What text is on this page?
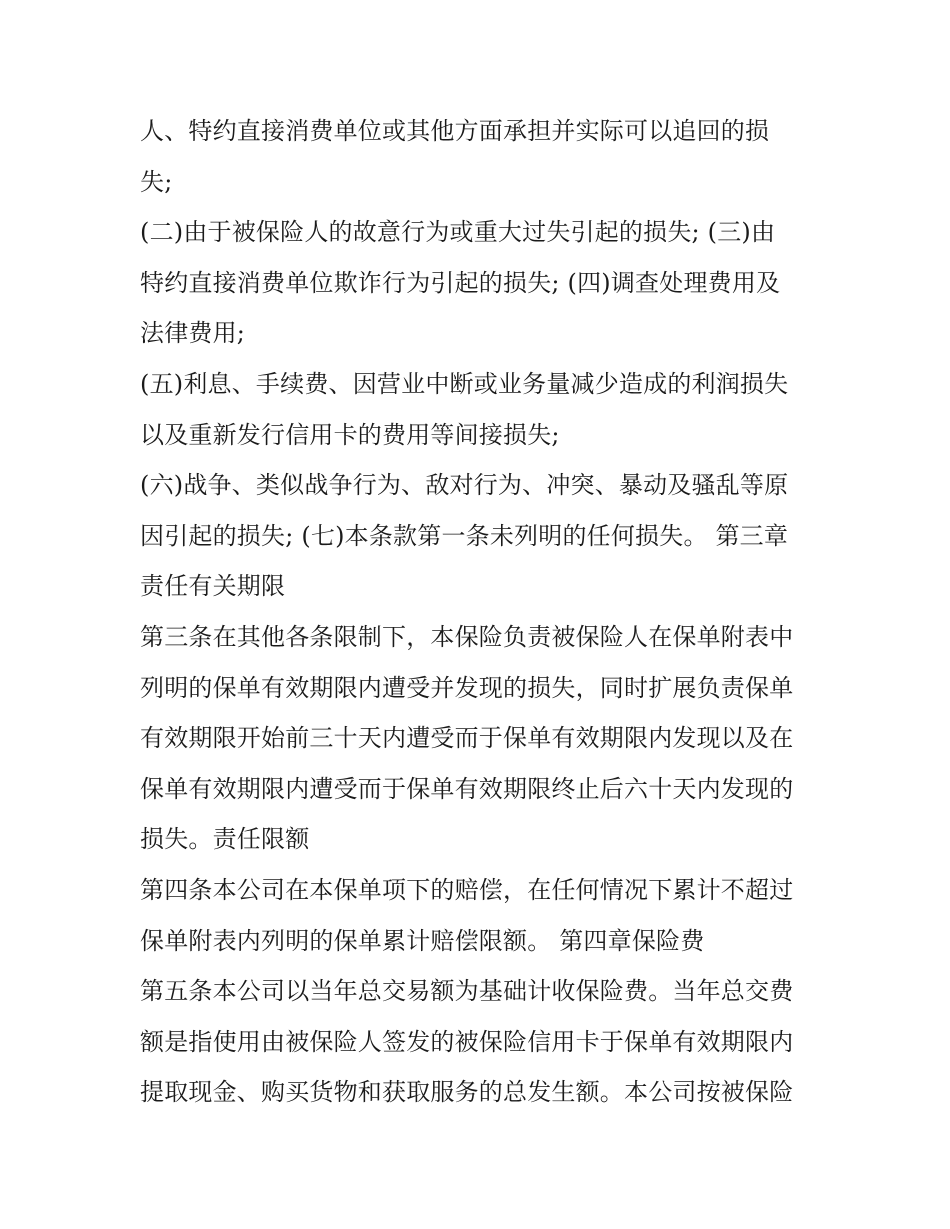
人、特约直接消费单位或其他方面承担并实际可以追回的损
失;
(二)由于被保险人的故意行为或重大过失引起的损失; (三)由
特约直接消费单位欺诈行为引起的损失; (四)调查处理费用及
法律费用;
(五)利息、手续费、因营业中断或业务量减少造成的利润损失
以及重新发行信用卡的费用等间接损失;
(六)战争、类似战争行为、敌对行为、冲突、暴动及骚乱等原
因引起的损失; (七)本条款第一条未列明的任何损失。 第三章
责任有关期限
第三条在其他各条限制下，本保险负责被保险人在保单附表中
列明的保单有效期限内遭受并发现的损失，同时扩展负责保单
有效期限开始前三十天内遭受而于保单有效期限内发现以及在
保单有效期限内遭受而于保单有效期限终止后六十天内发现的
损失。责任限额
第四条本公司在本保单项下的赔偿，在任何情况下累计不超过
保单附表内列明的保单累计赔偿限额。 第四章保险费
第五条本公司以当年总交易额为基础计收保险费。当年总交费
额是指使用由被保险人签发的被保险信用卡于保单有效期限内
提取现金、购买货物和获取服务的总发生额。本公司按被保险
